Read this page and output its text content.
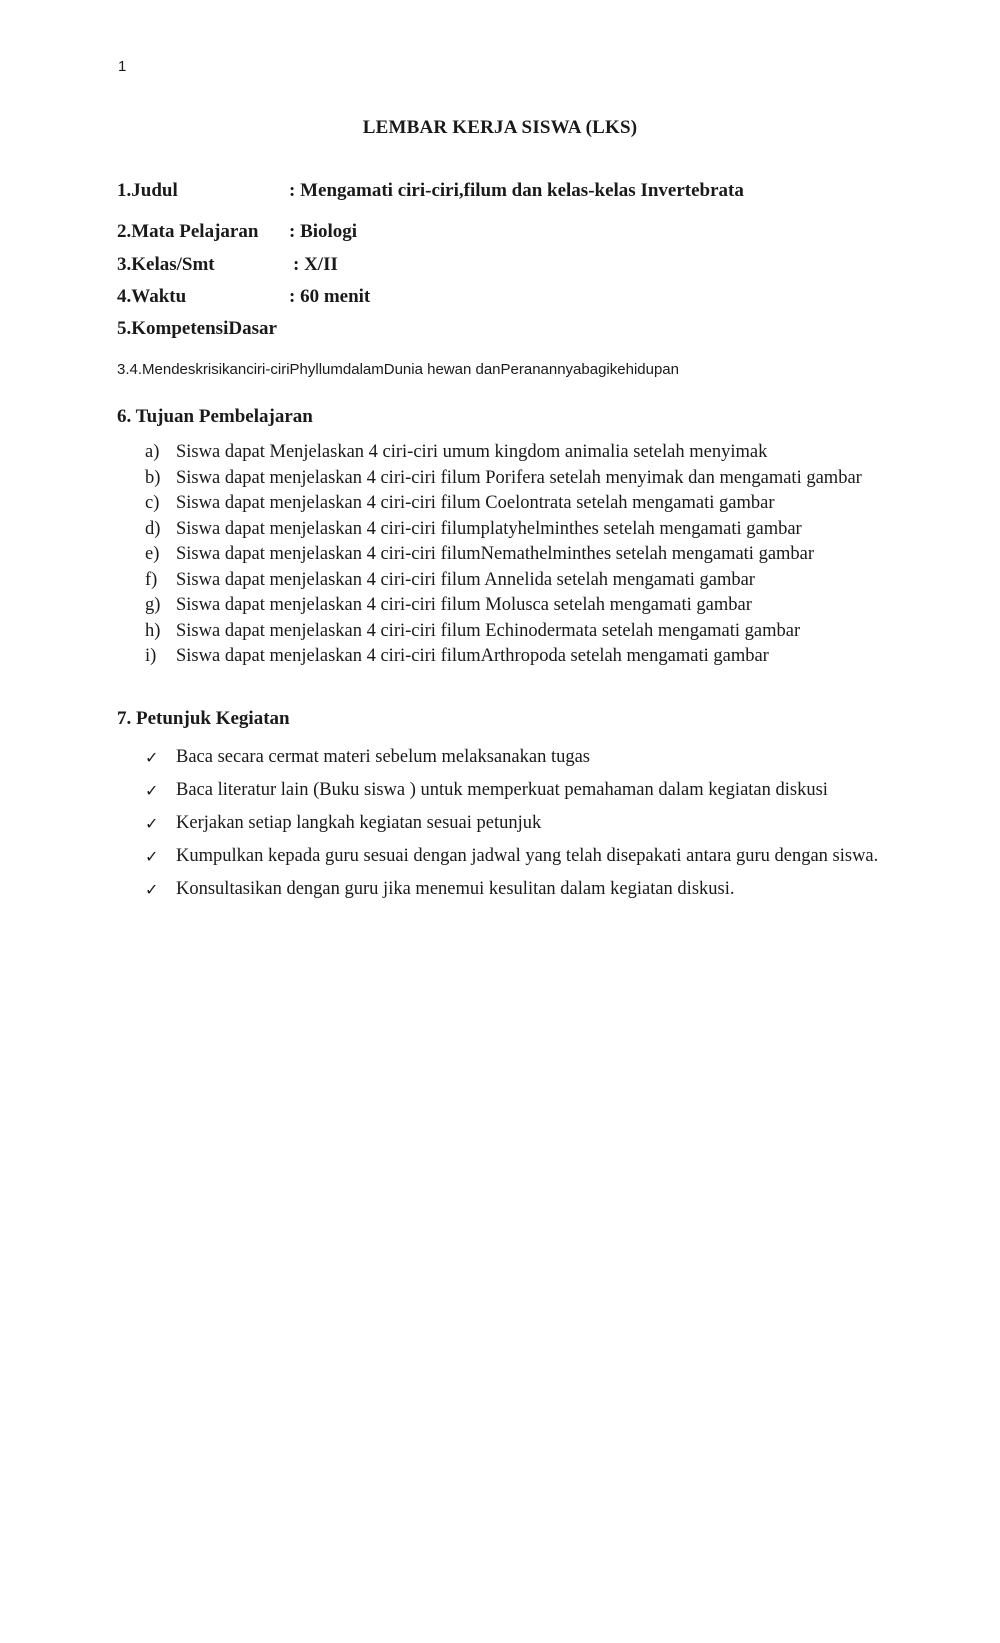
1
LEMBAR KERJA SISWA (LKS)
1.Judul	: Mengamati ciri-ciri,filum dan kelas-kelas Invertebrata
2.Mata Pelajaran : Biologi
3.Kelas/Smt	: X/II
4.Waktu	: 60 menit
5.KompetensiDasar
3.4.Mendeskrisikanciri-ciriPhyllumdalamDunia hewan danPeranannyabagikehidupan
6. Tujuan Pembelajaran
a) Siswa dapat Menjelaskan 4 ciri-ciri umum kingdom animalia setelah menyimak
b) Siswa dapat menjelaskan 4 ciri-ciri filum Porifera setelah menyimak dan mengamati gambar
c) Siswa dapat menjelaskan 4 ciri-ciri filum Coelontrata setelah mengamati gambar
d) Siswa dapat menjelaskan 4 ciri-ciri filumplatyhelminthes setelah mengamati gambar
e) Siswa dapat menjelaskan 4 ciri-ciri filumNemathelminthes setelah mengamati gambar
f) Siswa dapat menjelaskan 4 ciri-ciri filum Annelida setelah mengamati gambar
g) Siswa dapat menjelaskan 4 ciri-ciri filum Molusca setelah mengamati gambar
h) Siswa dapat menjelaskan 4 ciri-ciri filum Echinodermata setelah mengamati gambar
i) Siswa dapat menjelaskan 4 ciri-ciri filumArthropoda setelah mengamati gambar
7. Petunjuk Kegiatan
✓ Baca secara cermat materi sebelum melaksanakan tugas
✓ Baca literatur lain (Buku siswa ) untuk memperkuat pemahaman dalam kegiatan diskusi
✓ Kerjakan setiap langkah kegiatan sesuai petunjuk
✓ Kumpulkan kepada guru sesuai dengan jadwal yang telah disepakati antara guru dengan siswa.
✓ Konsultasikan dengan guru jika menemui kesulitan dalam kegiatan diskusi.
